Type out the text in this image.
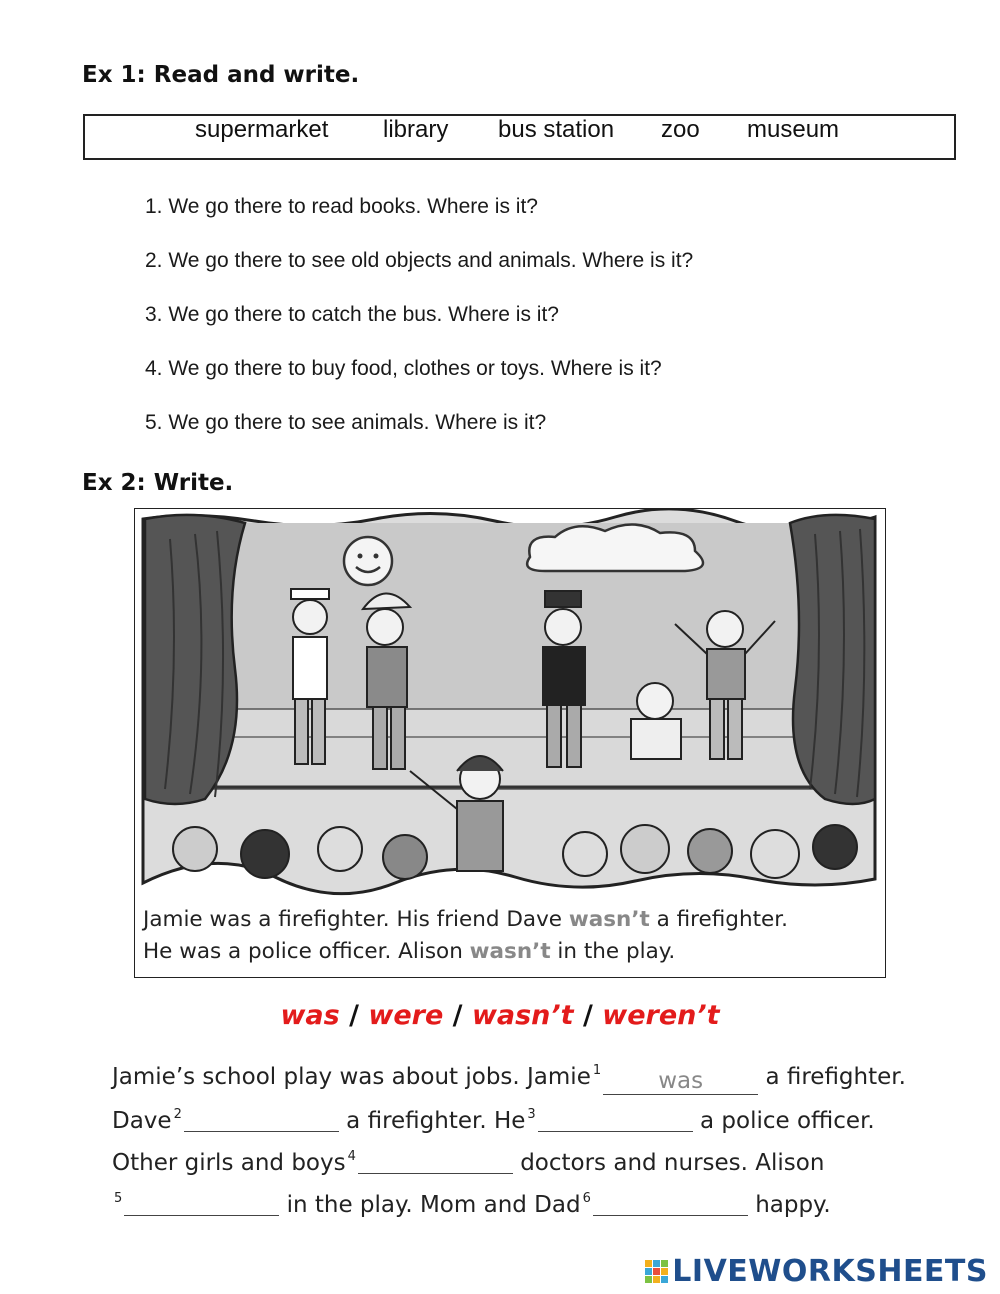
Ex 1: Read and write.
supermarket library bus station zoo museum
1. We go there to read books. Where is it?
2. We go there to see old objects and animals. Where is it?
3. We go there to catch the bus. Where is it?
4. We go there to buy food, clothes or toys. Where is it?
5. We go there to see animals. Where is it?
Ex 2: Write.
Jamie was a firefighter. His friend Dave wasn’t a firefighter.
He was a police officer. Alison wasn’t in the play.
was / were / wasn’t / weren’t
Jamie’s school play was about jobs. Jamie $^1$ was	a firefighter.
Dave $^2$	a firefighter. He $^3$	a police officer.
Other girls and boys $^4$	doctors and nurses. Alison
$^5$	in the play. Mom and Dad $^6$	happy.
LIVEWORKSHEETS
